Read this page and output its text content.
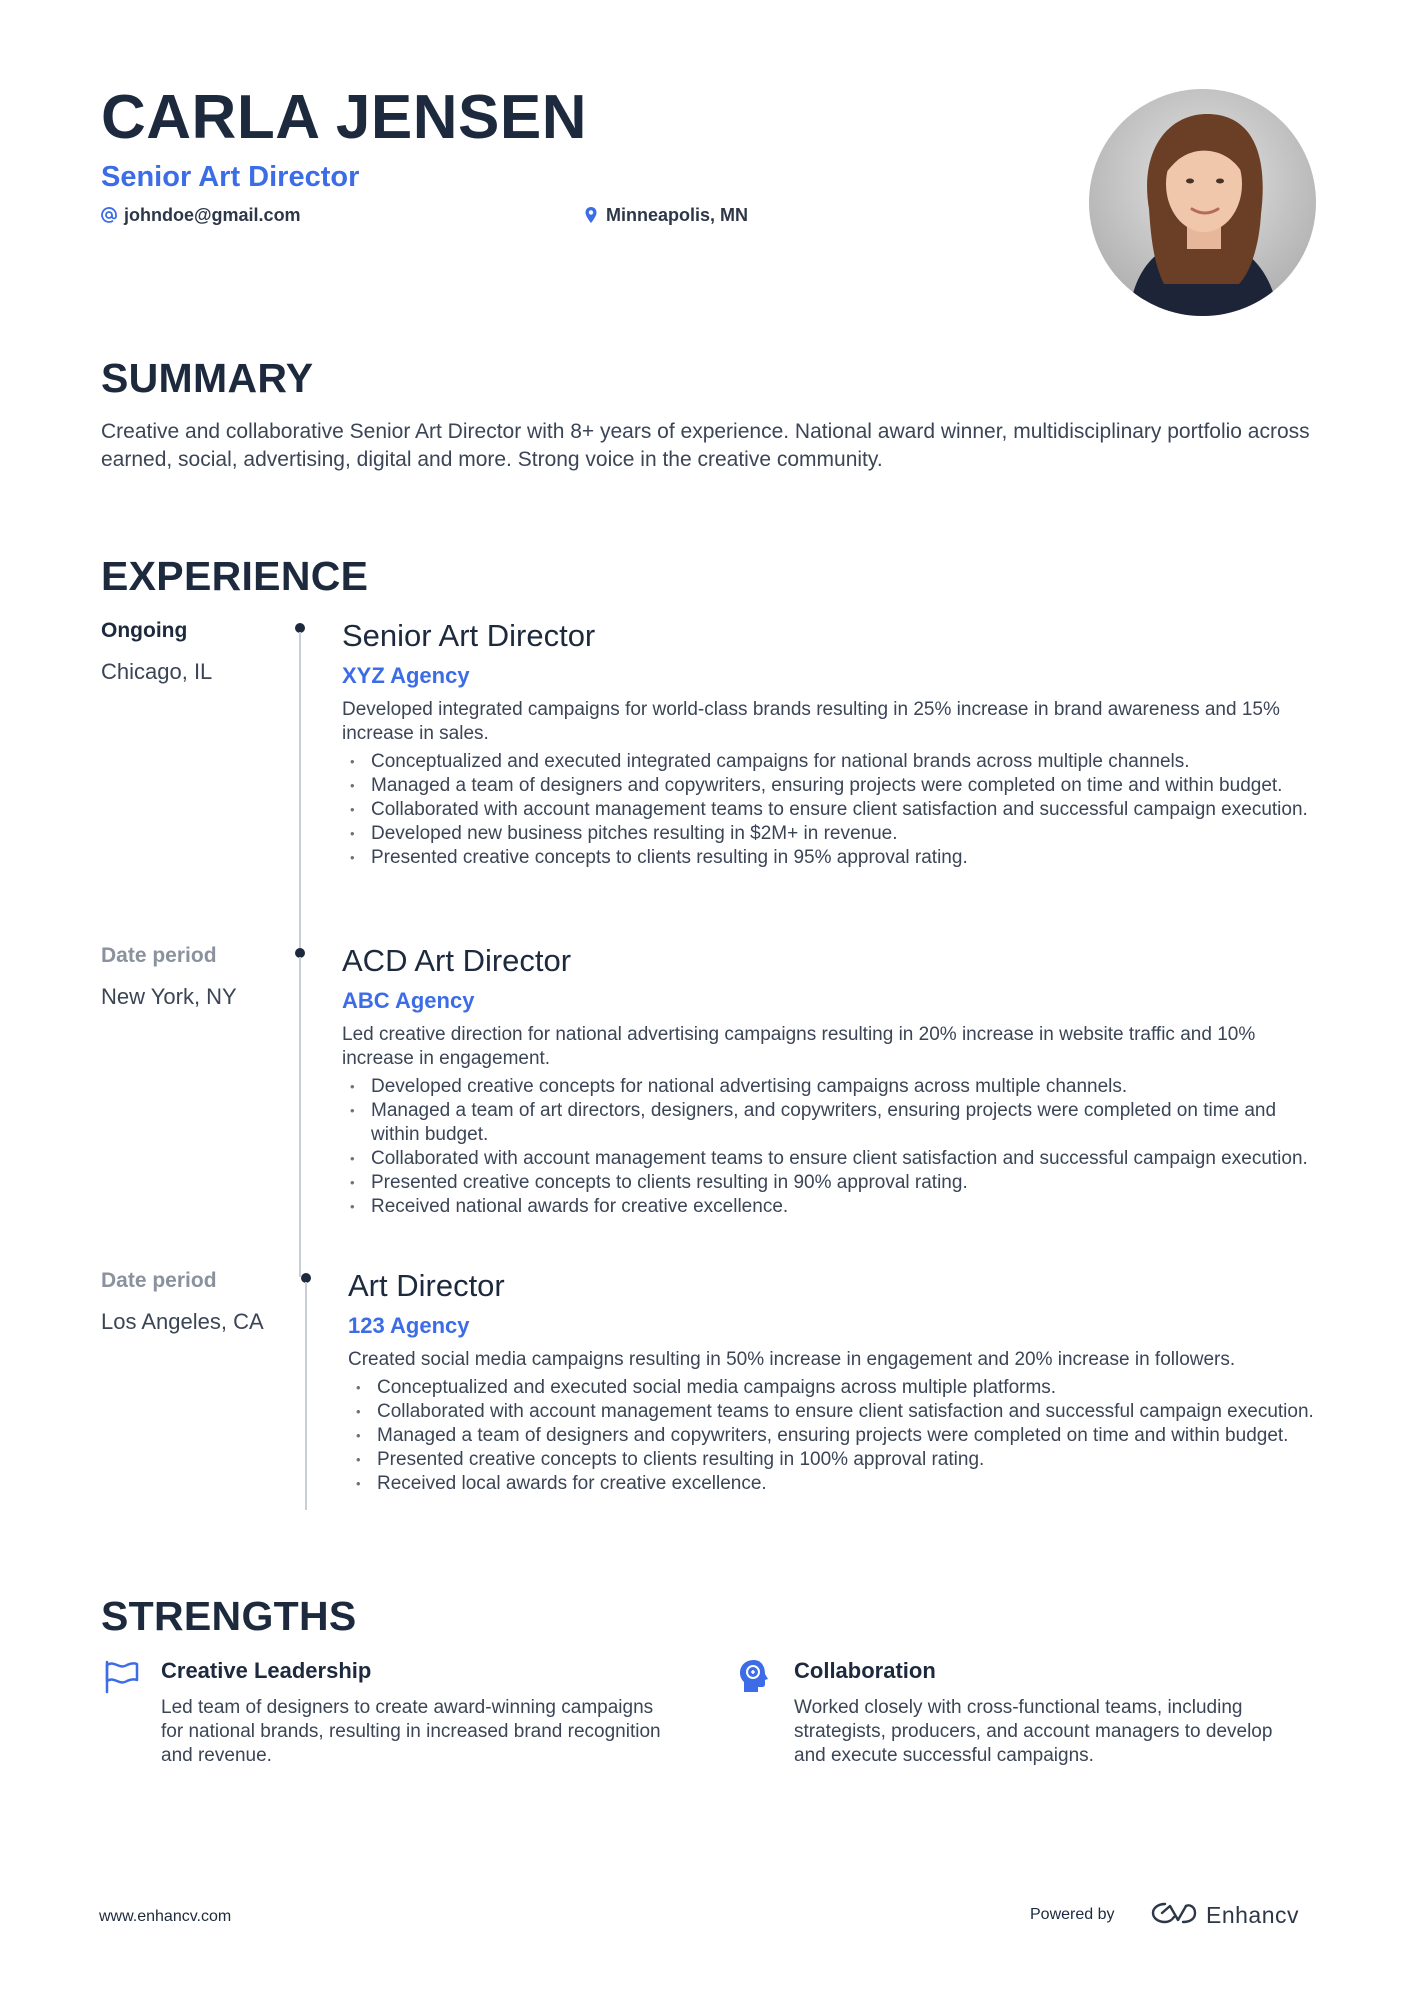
CARLA JENSEN
Senior Art Director
johndoe@gmail.com	Minneapolis, MN
SUMMARY

Creative and collaborative Senior Art Director with 8+ years of experience. National award winner, multidisciplinary portfolio across earned, social, advertising, digital and more. Strong voice in the creative community.

EXPERIENCE
Ongoing
Chicago, IL
Senior Art Director
XYZ Agency

Developed integrated campaigns for world-class brands resulting in 25% increase in brand awareness and 15% increase in sales.

• Conceptualized and executed integrated campaigns for national brands across multiple channels.
• Managed a team of designers and copywriters, ensuring projects were completed on time and within budget.
• Collaborated with account management teams to ensure client satisfaction and successful campaign execution.
• Developed new business pitches resulting in $2M+ in revenue.
• Presented creative concepts to clients resulting in 95% approval rating.
Date period
New York, NY
ACD Art Director
ABC Agency

Led creative direction for national advertising campaigns resulting in 20% increase in website traffic and 10% increase in engagement.

• Developed creative concepts for national advertising campaigns across multiple channels.
• Managed a team of art directors, designers, and copywriters, ensuring projects were completed on time and within budget.
• Collaborated with account management teams to ensure client satisfaction and successful campaign execution.
• Presented creative concepts to clients resulting in 90% approval rating.
• Received national awards for creative excellence.
Date period
Los Angeles, CA
Art Director
123 Agency

Created social media campaigns resulting in 50% increase in engagement and 20% increase in followers.

• Conceptualized and executed social media campaigns across multiple platforms.
• Collaborated with account management teams to ensure client satisfaction and successful campaign execution.
• Managed a team of designers and copywriters, ensuring projects were completed on time and within budget.
• Presented creative concepts to clients resulting in 100% approval rating.
• Received local awards for creative excellence.
STRENGTHS
Creative Leadership

Led team of designers to create award-winning campaigns for national brands, resulting in increased brand recognition and revenue.

Collaboration

Worked closely with cross-functional teams, including strategists, producers, and account managers to develop and execute successful campaigns.

www.enhancv.com	Powered by	Enhancv
